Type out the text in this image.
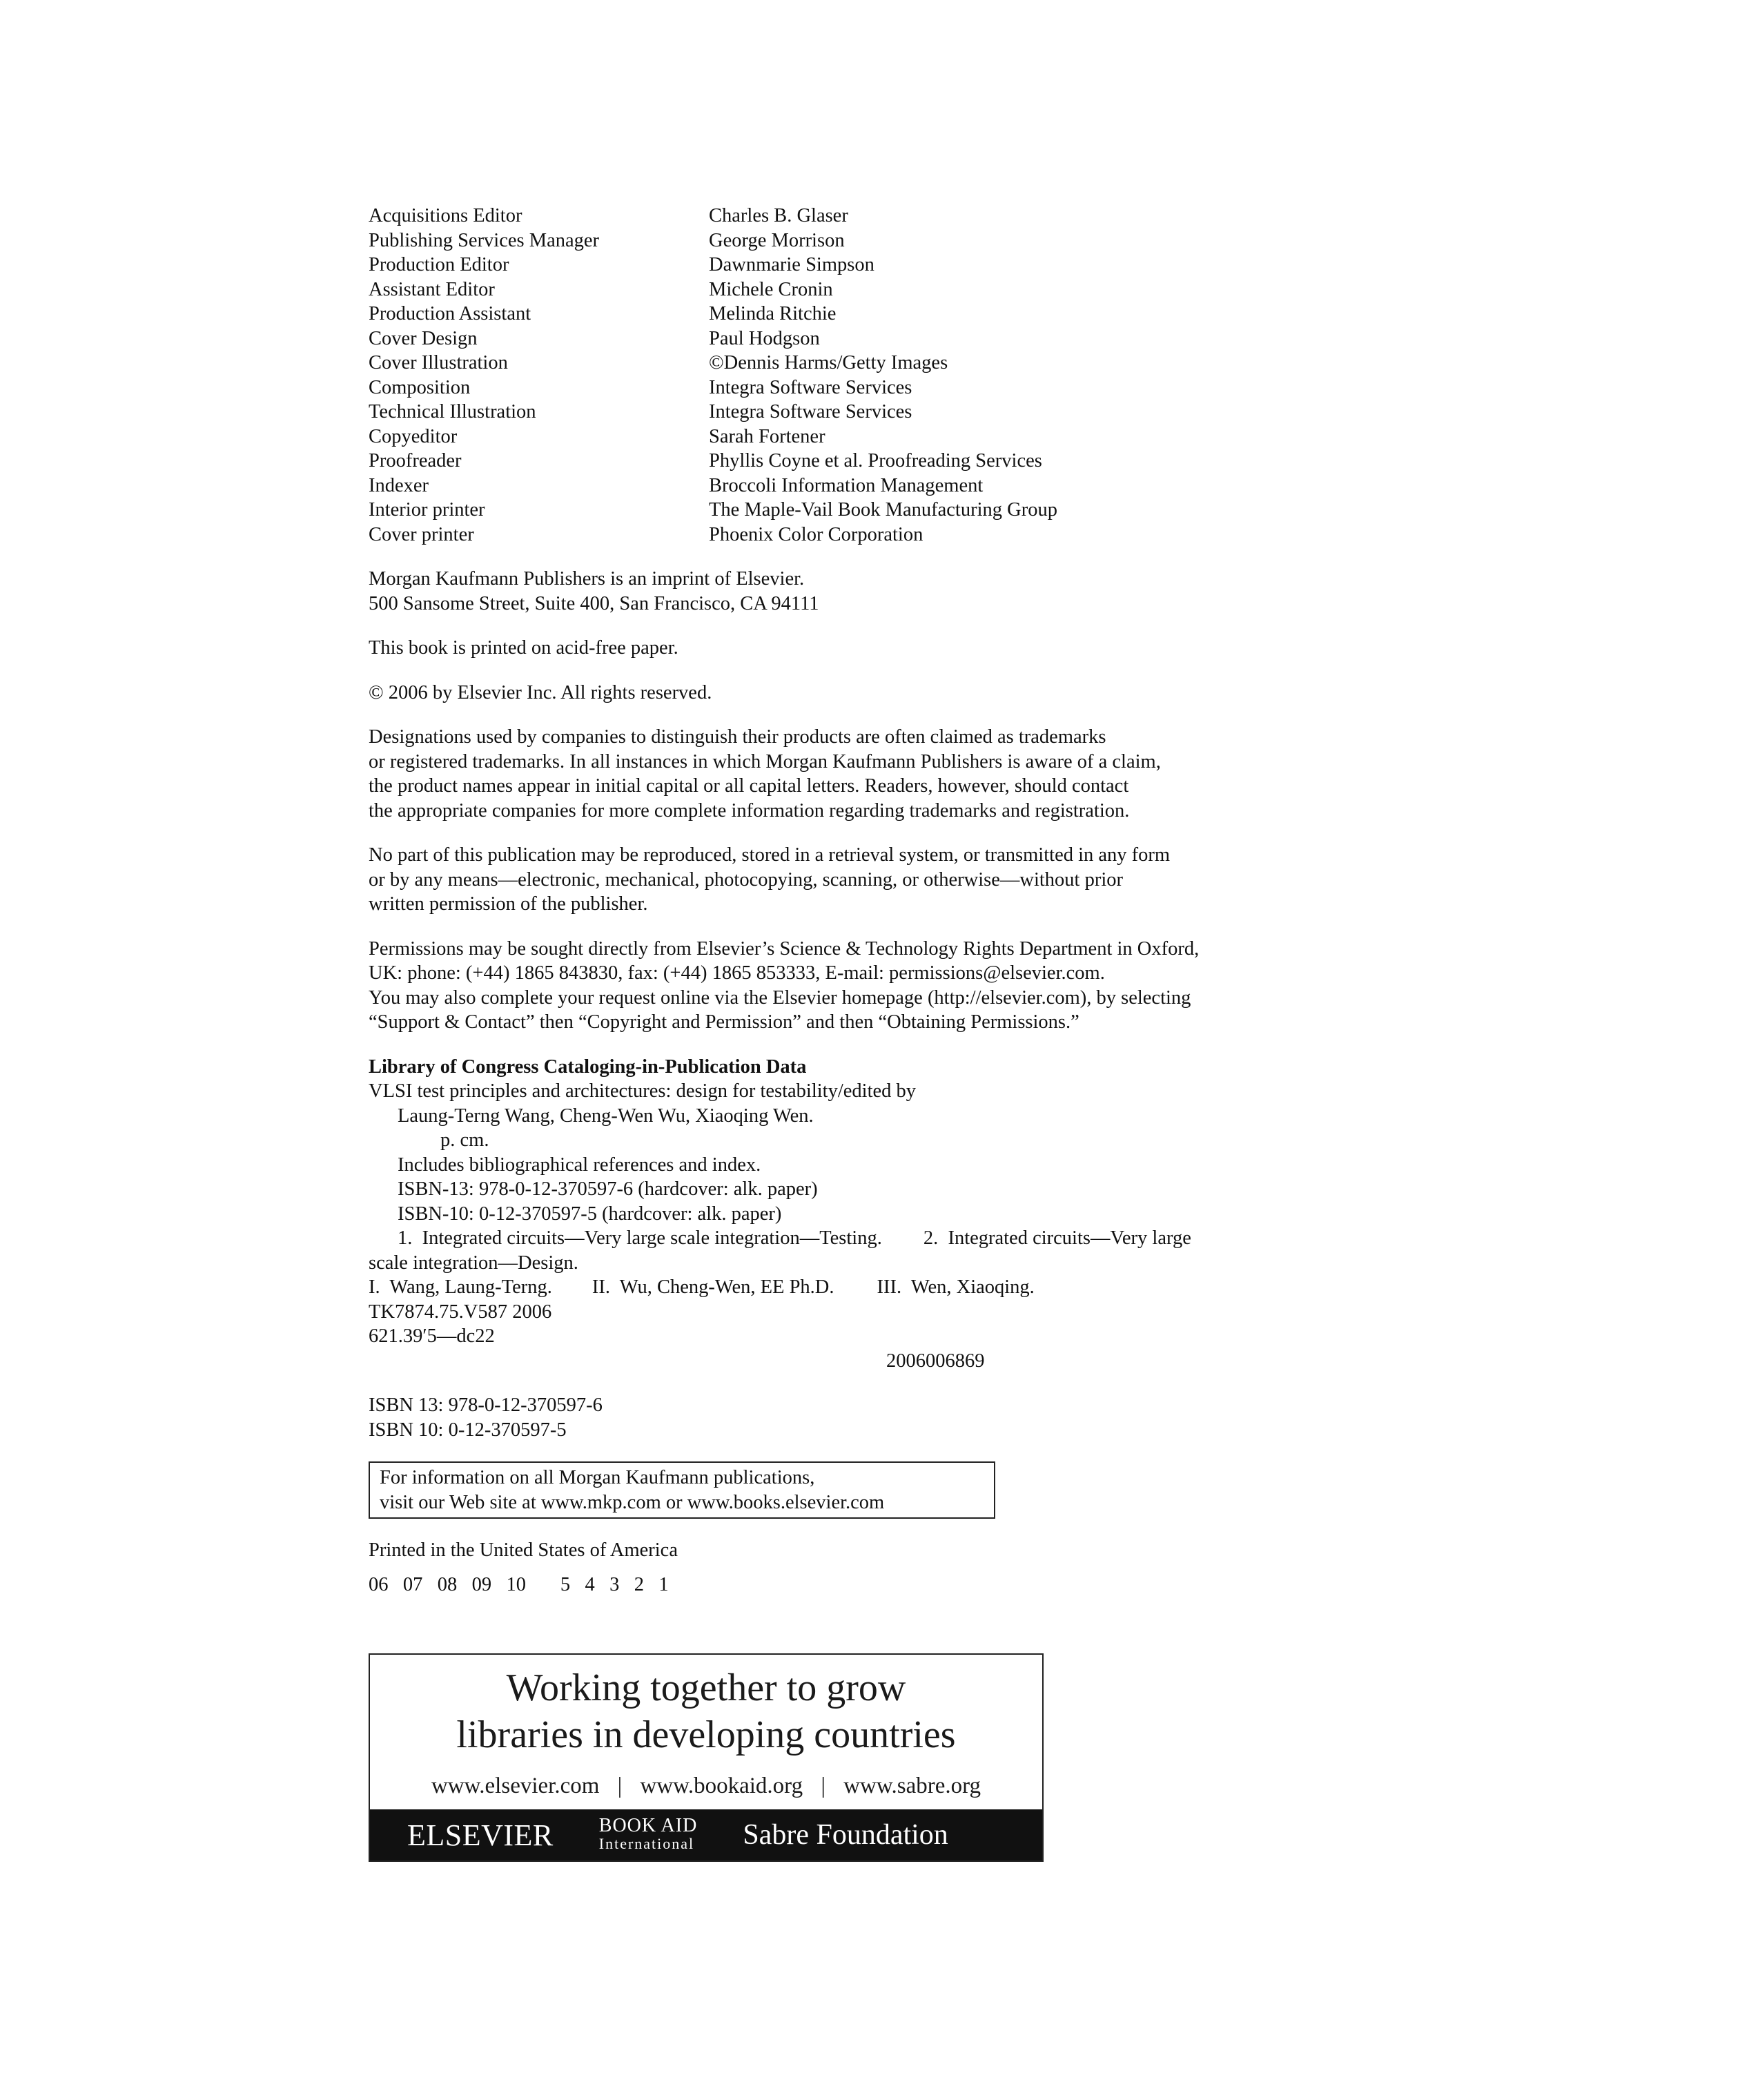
Acquisitions Editor	Charles B. Glaser
Publishing Services Manager	George Morrison
Production Editor	Dawnmarie Simpson
Assistant Editor	Michele Cronin
Production Assistant	Melinda Ritchie
Cover Design	Paul Hodgson
Cover Illustration	©Dennis Harms/Getty Images
Composition	Integra Software Services
Technical Illustration	Integra Software Services
Copyeditor	Sarah Fortener
Proofreader	Phyllis Coyne et al. Proofreading Services
Indexer	Broccoli Information Management
Interior printer	The Maple-Vail Book Manufacturing Group
Cover printer	Phoenix Color Corporation
Morgan Kaufmann Publishers is an imprint of Elsevier.
500 Sansome Street, Suite 400, San Francisco, CA 94111
This book is printed on acid-free paper.
© 2006 by Elsevier Inc. All rights reserved.
Designations used by companies to distinguish their products are often claimed as trademarks
or registered trademarks. In all instances in which Morgan Kaufmann Publishers is aware of a claim,
the product names appear in initial capital or all capital letters. Readers, however, should contact
the appropriate companies for more complete information regarding trademarks and registration.
No part of this publication may be reproduced, stored in a retrieval system, or transmitted in any form
or by any means—electronic, mechanical, photocopying, scanning, or otherwise—without prior
written permission of the publisher.
Permissions may be sought directly from Elsevier’s Science & Technology Rights Department in Oxford,
UK: phone: (+44) 1865 843830, fax: (+44) 1865 853333, E-mail: permissions@elsevier.com.
You may also complete your request online via the Elsevier homepage (http://elsevier.com), by selecting
“Support & Contact” then “Copyright and Permission” and then “Obtaining Permissions.”
Library of Congress Cataloging-in-Publication Data
VLSI test principles and architectures: design for testability/edited by
Laung-Terng Wang, Cheng-Wen Wu, Xiaoqing Wen.
p. cm.
Includes bibliographical references and index.
ISBN-13: 978-0-12-370597-6 (hardcover: alk. paper)
ISBN-10: 0-12-370597-5 (hardcover: alk. paper)
1.  Integrated circuits—Very large scale integration—Testing. 2.  Integrated circuits—Very large
scale integration—Design.
I.  Wang, Laung-Terng. II.  Wu, Cheng-Wen, EE Ph.D. III.  Wen, Xiaoqing.
TK7874.75.V587 2006
621.39′5—dc22
2006006869
ISBN 13: 978-0-12-370597-6
ISBN 10: 0-12-370597-5
For information on all Morgan Kaufmann publications,
visit our Web site at www.mkp.com or www.books.elsevier.com
Printed in the United States of America
06   07   08   09   10       5   4   3   2   1
Working together to grow
libraries in developing countries
www.elsevier.com | www.bookaid.org | www.sabre.org
ELSEVIER BOOK AID
International Sabre Foundation
